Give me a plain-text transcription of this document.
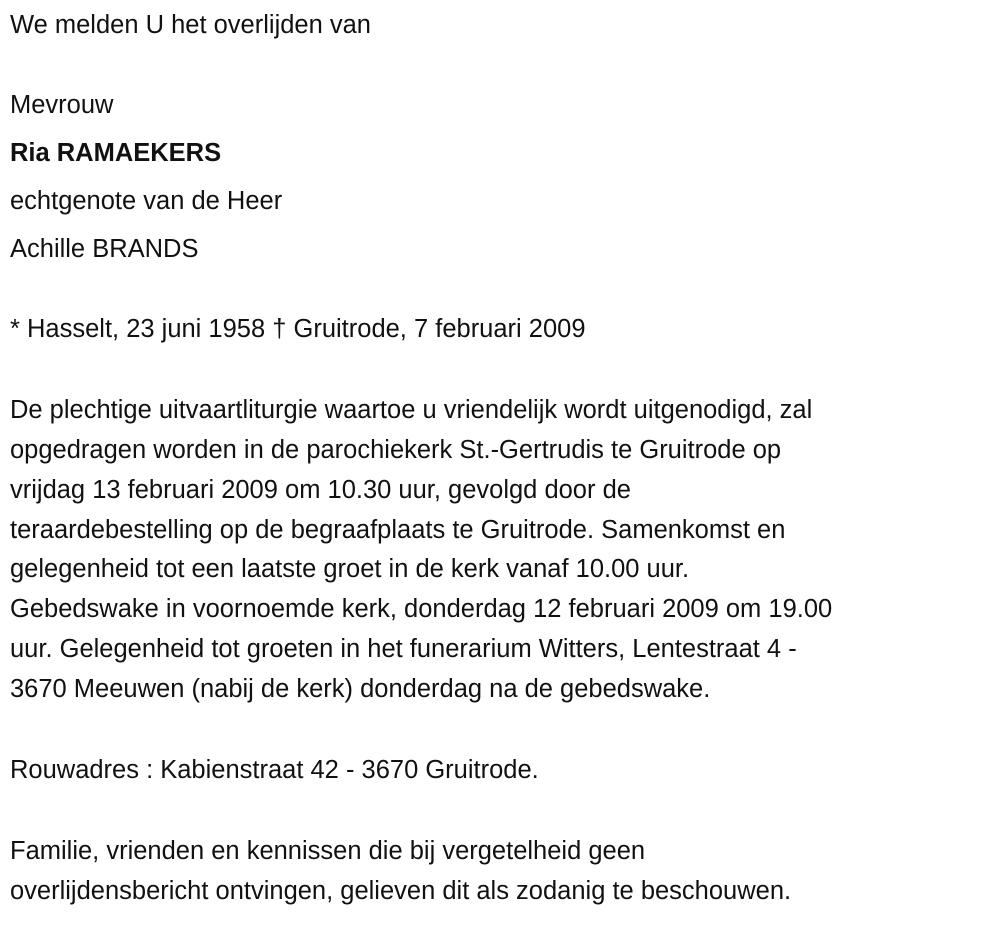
We melden U het overlijden van
Mevrouw
Ria RAMAEKERS
echtgenote van de Heer
Achille BRANDS
* Hasselt, 23 juni 1958 † Gruitrode, 7 februari 2009
De plechtige uitvaartliturgie waartoe u vriendelijk wordt uitgenodigd, zal
opgedragen worden in de parochiekerk St.-Gertrudis te Gruitrode op
vrijdag 13 februari 2009 om 10.30 uur, gevolgd door de
teraardebestelling op de begraafplaats te Gruitrode. Samenkomst en
gelegenheid tot een laatste groet in de kerk vanaf 10.00 uur.
Gebedswake in voornoemde kerk, donderdag 12 februari 2009 om 19.00
uur. Gelegenheid tot groeten in het funerarium Witters, Lentestraat 4 -
3670 Meeuwen (nabij de kerk) donderdag na de gebedswake.
Rouwadres : Kabienstraat 42 - 3670 Gruitrode.
Familie, vrienden en kennissen die bij vergetelheid geen
overlijdensbericht ontvingen, gelieven dit als zodanig te beschouwen.
